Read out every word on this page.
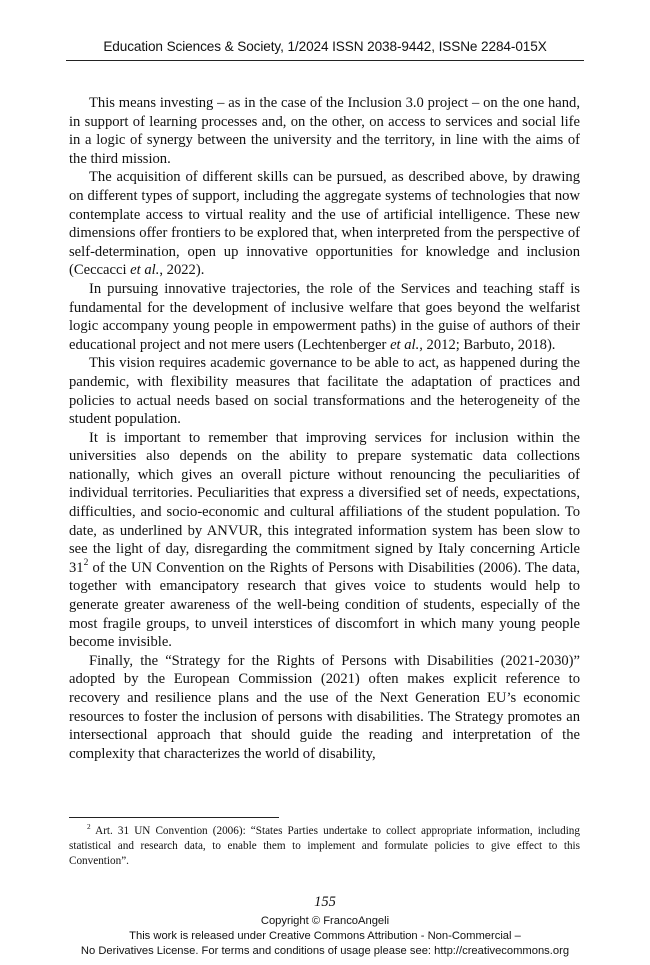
Education Sciences & Society, 1/2024 ISSN 2038-9442, ISSNe 2284-015X

This means investing – as in the case of the Inclusion 3.0 project – on the one hand, in support of learning processes and, on the other, on access to services and social life in a logic of synergy between the university and the territory, in line with the aims of the third mission.

The acquisition of different skills can be pursued, as described above, by drawing on different types of support, including the aggregate systems of technologies that now contemplate access to virtual reality and the use of artificial intelligence. These new dimensions offer frontiers to be explored that, when interpreted from the perspective of self-determination, open up innovative opportunities for knowledge and inclusion (Ceccacci et al., 2022).

In pursuing innovative trajectories, the role of the Services and teaching staff is fundamental for the development of inclusive welfare that goes beyond the welfarist logic accompany young people in empowerment paths) in the guise of authors of their educational project and not mere users (Lechtenberger et al., 2012; Barbuto, 2018).

This vision requires academic governance to be able to act, as happened during the pandemic, with flexibility measures that facilitate the adaptation of practices and policies to actual needs based on social transformations and the heterogeneity of the student population.

It is important to remember that improving services for inclusion within the universities also depends on the ability to prepare systematic data collections nationally, which gives an overall picture without renouncing the peculiarities of individual territories. Peculiarities that express a diversified set of needs, expectations, difficulties, and socio-economic and cultural affiliations of the student population. To date, as underlined by ANVUR, this integrated information system has been slow to see the light of day, disregarding the commitment signed by Italy concerning Article $31^2$ of the UN Convention on the Rights of Persons with Disabilities (2006). The data, together with emancipatory research that gives voice to students would help to generate greater awareness of the well-being condition of students, especially of the most fragile groups, to unveil interstices of discomfort in which many young people become invisible.

Finally, the “Strategy for the Rights of Persons with Disabilities (2021-2030)” adopted by the European Commission (2021) often makes explicit reference to recovery and resilience plans and the use of the Next Generation EU’s economic resources to foster the inclusion of persons with disabilities. The Strategy promotes an intersectional approach that should guide the reading and interpretation of the complexity that characterizes the world of disability,

$^2$ Art. 31 UN Convention (2006): “States Parties undertake to collect appropriate information, including statistical and research data, to enable them to implement and formulate policies to give effect to this Convention”.

155
Copyright © FrancoAngeli
This work is released under Creative Commons Attribution - Non-Commercial –
No Derivatives License. For terms and conditions of usage please see: http://creativecommons.org
